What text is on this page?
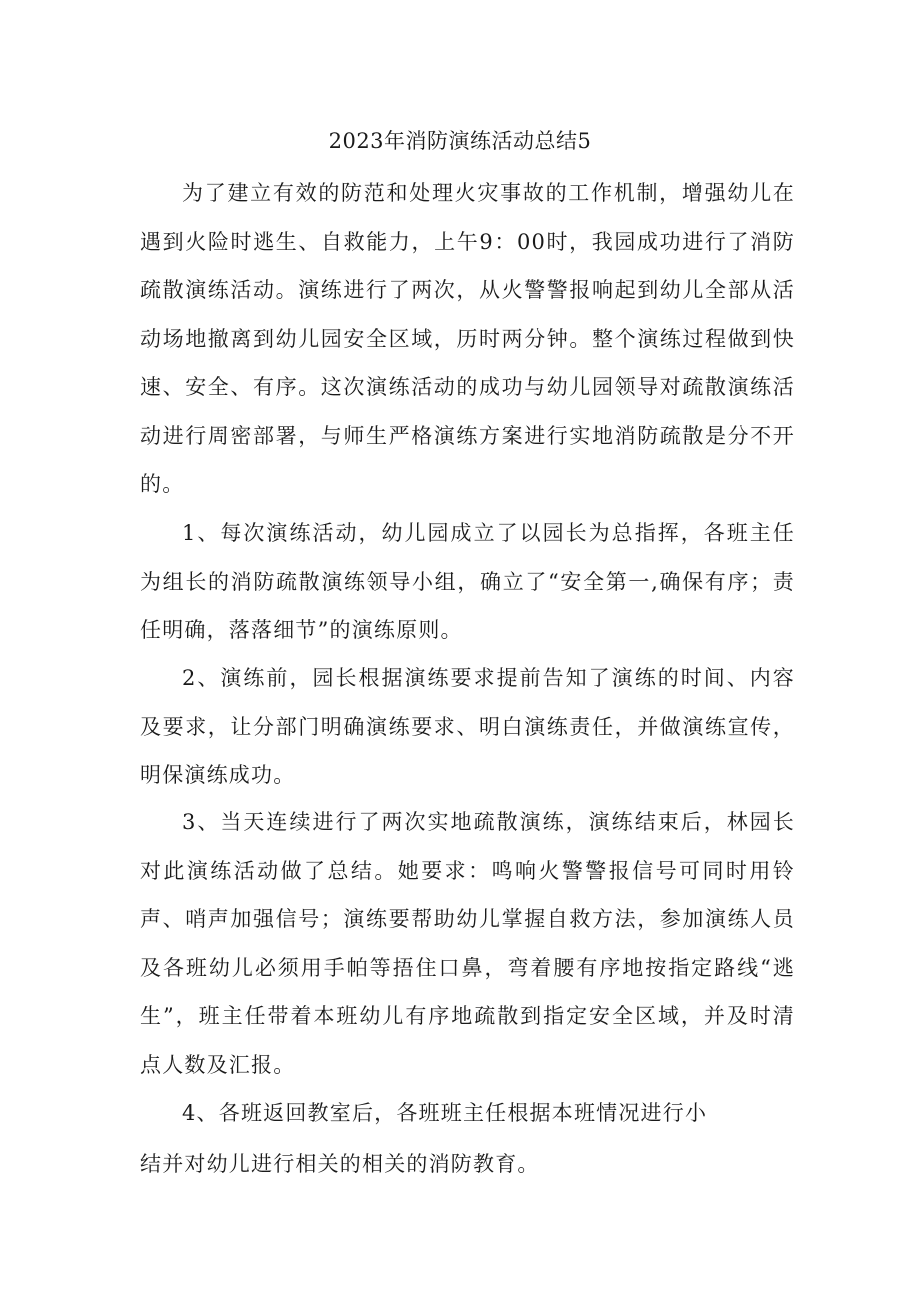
2023年消防演练活动总结5

为了建立有效的防范和处理火灾事故的工作机制，增强幼儿在遇到火险时逃生、自救能力，上午9：00时，我园成功进行了消防疏散演练活动。演练进行了两次，从火警警报响起到幼儿全部从活动场地撤离到幼儿园安全区域，历时两分钟。整个演练过程做到快速、安全、有序。这次演练活动的成功与幼儿园领导对疏散演练活动进行周密部署，与师生严格演练方案进行实地消防疏散是分不开的。

1、每次演练活动，幼儿园成立了以园长为总指挥，各班主任为组长的消防疏散演练领导小组，确立了“安全第一,确保有序；责任明确，落落细节”的演练原则。

2、演练前，园长根据演练要求提前告知了演练的时间、内容及要求，让分部门明确演练要求、明白演练责任，并做演练宣传，明保演练成功。

3、当天连续进行了两次实地疏散演练，演练结束后，林园长对此演练活动做了总结。她要求：鸣响火警警报信号可同时用铃声、哨声加强信号；演练要帮助幼儿掌握自救方法，参加演练人员及各班幼儿必须用手帕等捂住口鼻，弯着腰有序地按指定路线“逃生”，班主任带着本班幼儿有序地疏散到指定安全区域，并及时清点人数及汇报。

4、各班返回教室后，各班班主任根据本班情况进行小

结并对幼儿进行相关的相关的消防教育。
